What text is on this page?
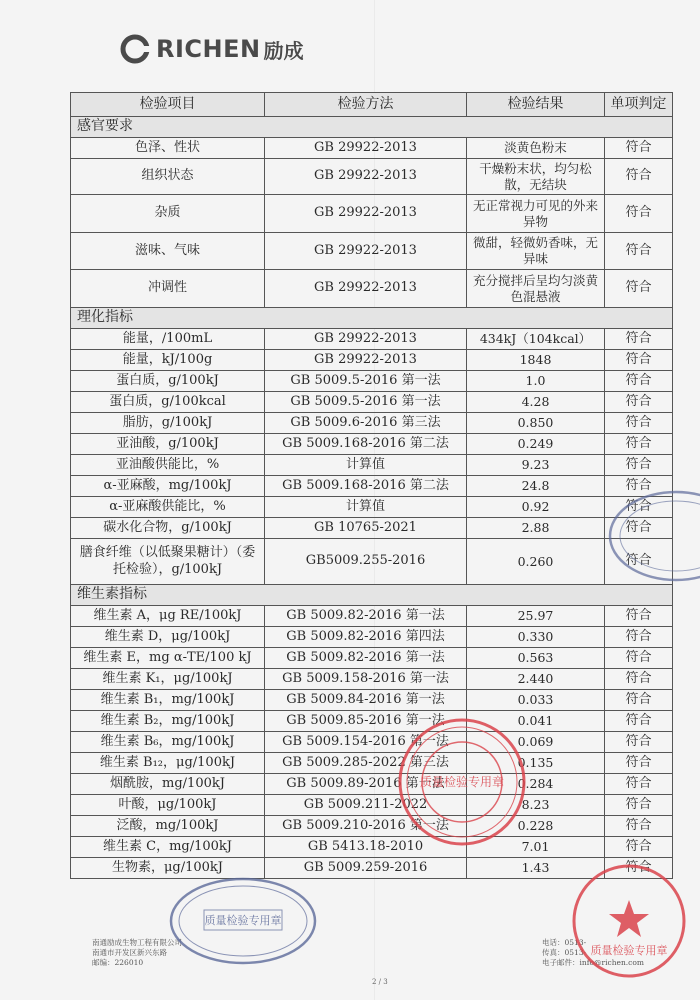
RICHEN 励成
检验项目	检验方法	检验结果	单项判定
感官要求			
色泽、性状	GB 29922-2013	淡黄色粉末	符合
组织状态	GB 29922-2013	干燥粉末状，均匀松散，无结块	符合
杂质	GB 29922-2013	无正常视力可见的外来异物	符合
滋味、气味	GB 29922-2013	微甜，轻微奶香味，无异味	符合
冲调性	GB 29922-2013	充分搅拌后呈均匀淡黄色混悬液	符合
理化指标			
能量，/100mL	GB 29922-2013	434kJ（104kcal）	符合
能量，kJ/100g	GB 29922-2013	1848	符合
蛋白质，g/100kJ	GB 5009.5-2016 第一法	1.0	符合
蛋白质，g/100kcal	GB 5009.5-2016 第一法	4.28	符合
脂肪，g/100kJ	GB 5009.6-2016 第三法	0.850	符合
亚油酸，g/100kJ	GB 5009.168-2016 第二法	0.249	符合
亚油酸供能比，%	计算值	9.23	符合
α-亚麻酸，mg/100kJ	GB 5009.168-2016 第二法	24.8	符合
α-亚麻酸供能比，%	计算值	0.92	符合
碳水化合物，g/100kJ	GB 10765-2021	2.88	符合
膳食纤维（以低聚果糖计）（委托检验），g/100kJ	GB5009.255-2016	0.260	符合
维生素指标			
维生素 A，μg RE/100kJ	GB 5009.82-2016 第一法	25.97	符合
维生素 D，μg/100kJ	GB 5009.82-2016 第四法	0.330	符合
维生素 E，mg α-TE/100 kJ	GB 5009.82-2016 第一法	0.563	符合
维生素 K₁，μg/100kJ	GB 5009.158-2016 第一法	2.440	符合
维生素 B₁，mg/100kJ	GB 5009.84-2016 第一法	0.033	符合
维生素 B₂，mg/100kJ	GB 5009.85-2016 第一法	0.041	符合
维生素 B₆，mg/100kJ	GB 5009.154-2016 第一法	0.069	符合
维生素 B₁₂，μg/100kJ	GB 5009.285-2022 第三法	0.135	符合
烟酰胺，mg/100kJ	GB 5009.89-2016 第一法	0.284	符合
叶酸，μg/100kJ	GB 5009.211-2022	8.23	符合
泛酸，mg/100kJ	GB 5009.210-2016 第一法	0.228	符合
维生素 C，mg/100kJ	GB 5413.18-2010	7.01	符合
生物素，μg/100kJ	GB 5009.259-2016	1.43	符合
南通励成生物工程有限公司
南通市开发区新兴东路
邮编：226010
电话：0513-
传真：0513-
电子邮件：info@richen.com
2 / 3
质量检验专用章
质量检验专用章
质量检验专用章
